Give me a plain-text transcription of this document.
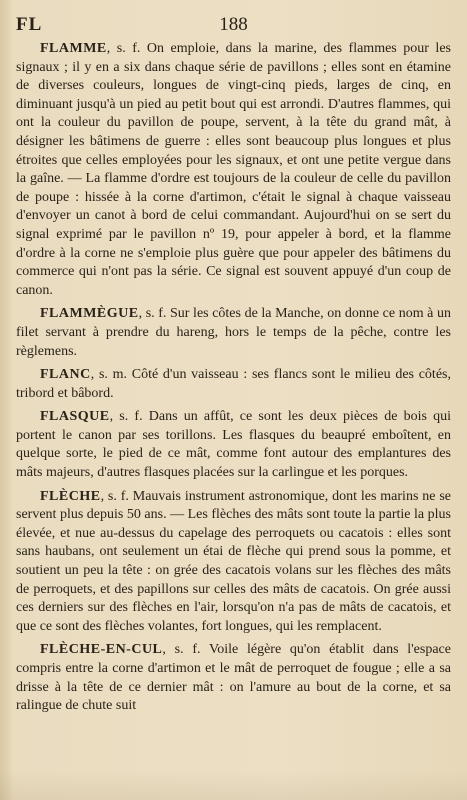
FL	188

FLAMME, s. f. On emploie, dans la marine, des flammes pour les signaux ; il y en a six dans chaque série de pavillons ; elles sont en étamine de diverses couleurs, longues de vingt-cinq pieds, larges de cinq, en diminuant jusqu'à un pied au petit bout qui est arrondi. D'autres flammes, qui ont la couleur du pavillon de poupe, servent, à la tête du grand mât, à désigner les bâtimens de guerre : elles sont beaucoup plus longues et plus étroites que celles employées pour les signaux, et ont une petite vergue dans la gaîne. — La flamme d'ordre est toujours de la couleur de celle du pavillon de poupe : hissée à la corne d'artimon, c'était le signal à chaque vaisseau d'envoyer un canot à bord de celui commandant. Aujourd'hui on se sert du signal exprimé par le pavillon nº 19, pour appeler à bord, et la flamme d'ordre à la corne ne s'emploie plus guère que pour appeler des bâtimens du commerce qui n'ont pas la série. Ce signal est souvent appuyé d'un coup de canon.

FLAMMÈGUE, s. f. Sur les côtes de la Manche, on donne ce nom à un filet servant à prendre du hareng, hors le temps de la pêche, contre les règlemens.

FLANC, s. m. Côté d'un vaisseau : ses flancs sont le milieu des côtés, tribord et bâbord.

FLASQUE, s. f. Dans un affût, ce sont les deux pièces de bois qui portent le canon par ses torillons. Les flasques du beaupré emboîtent, en quelque sorte, le pied de ce mât, comme font autour des emplantures des mâts majeurs, d'autres flasques placées sur la carlingue et les porques.

FLÈCHE, s. f. Mauvais instrument astronomique, dont les marins ne se servent plus depuis 50 ans. — Les flèches des mâts sont toute la partie la plus élevée, et nue au-dessus du capelage des perroquets ou cacatois : elles sont sans haubans, ont seulement un étai de flèche qui prend sous la pomme, et soutient un peu la tête : on grée des cacatois volans sur les flèches des mâts de perroquets, et des papillons sur celles des mâts de cacatois. On grée aussi ces derniers sur des flèches en l'air, lorsqu'on n'a pas de mâts de cacatois, et que ce sont des flèches volantes, fort longues, qui les remplacent.

FLÈCHE-EN-CUL, s. f. Voile légère qu'on établit dans l'espace compris entre la corne d'artimon et le mât de perroquet de fougue ; elle a sa drisse à la tête de ce dernier mât : on l'amure au bout de la corne, et sa ralingue de chute suit
